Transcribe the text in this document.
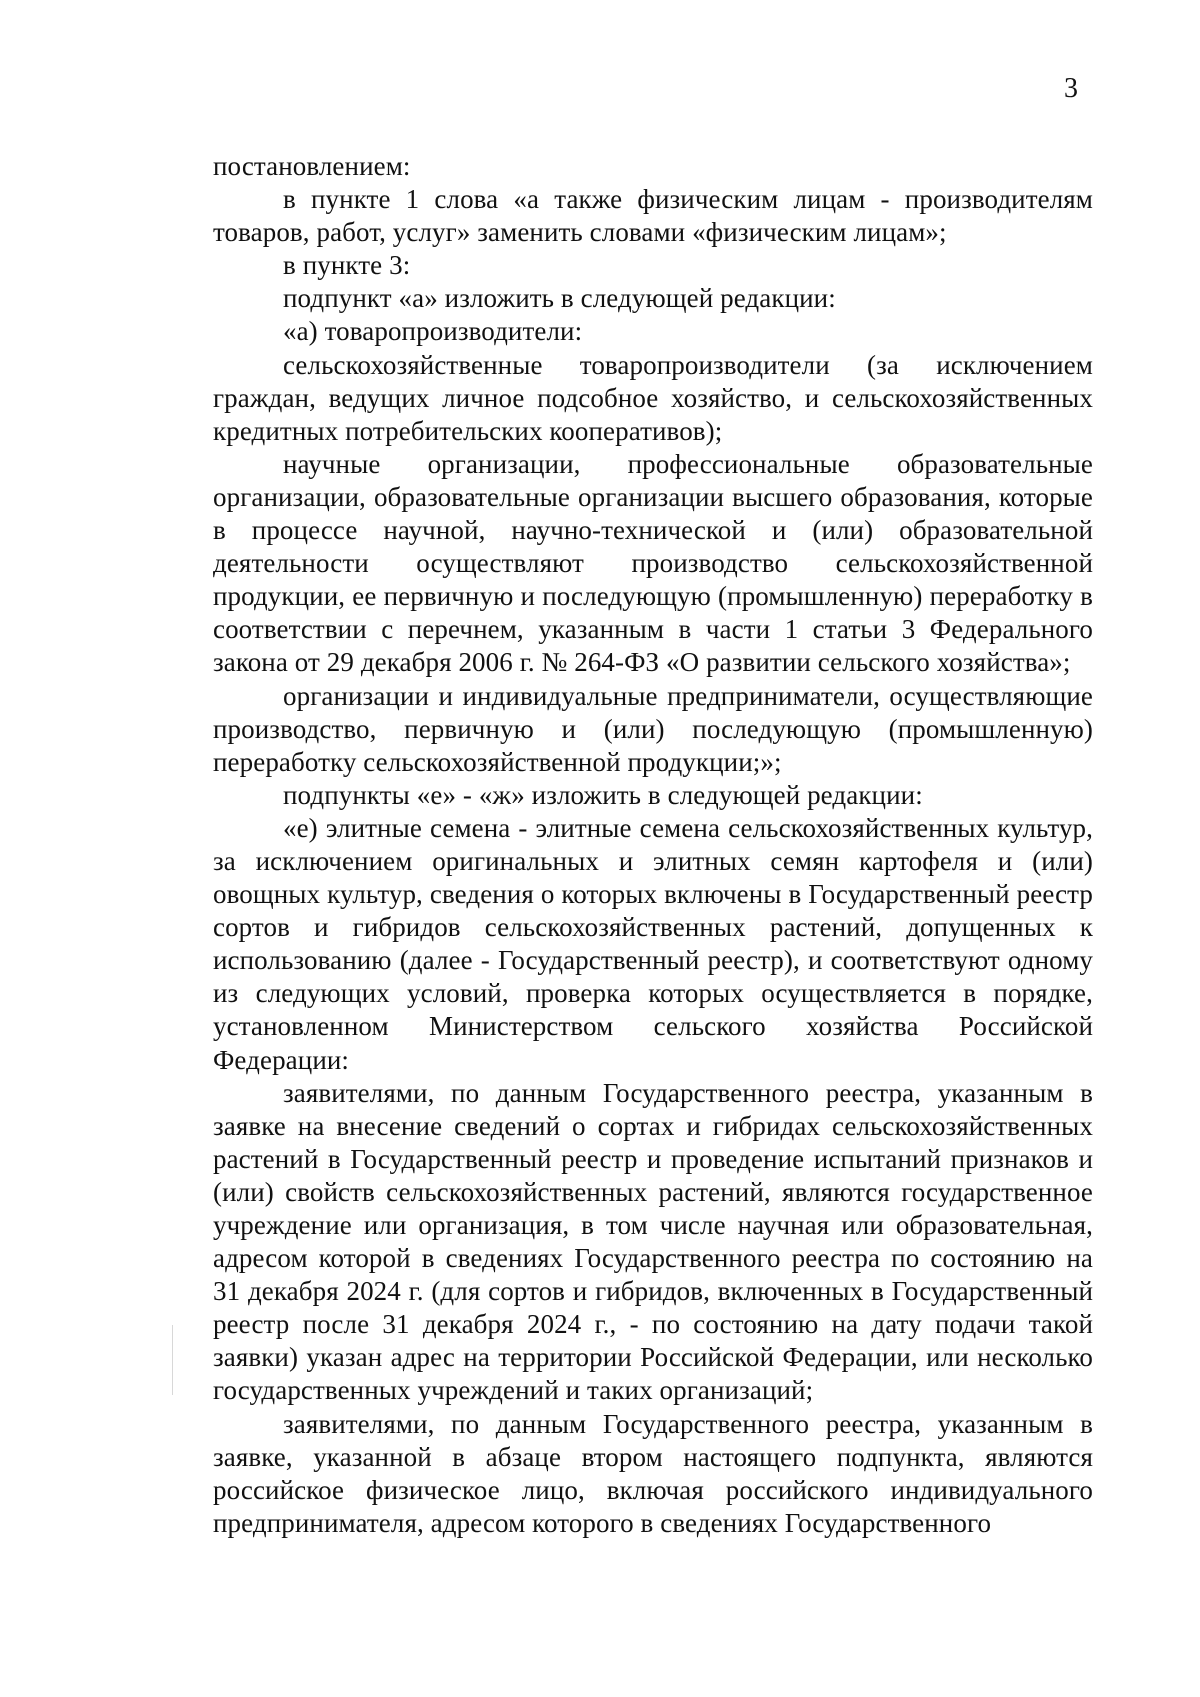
3

постановлением:

в пункте 1 слова «а также физическим лицам - производителям товаров, работ, услуг» заменить словами «физическим лицам»;

в пункте 3:

подпункт «а» изложить в следующей редакции:

«а) товаропроизводители:

сельскохозяйственные товаропроизводители (за исключением граждан, ведущих личное подсобное хозяйство, и сельскохозяйственных кредитных потребительских кооперативов);

научные организации, профессиональные образовательные организации, образовательные организации высшего образования, которые в процессе научной, научно-технической и (или) образовательной деятельности осуществляют производство сельскохозяйственной продукции, ее первичную и последующую (промышленную) переработку в соответствии с перечнем, указанным в части 1 статьи 3 Федерального закона от 29 декабря 2006 г. № 264-ФЗ «О развитии сельского хозяйства»;

организации и индивидуальные предприниматели, осуществляющие производство, первичную и (или) последующую (промышленную) переработку сельскохозяйственной продукции;»;

подпункты «е» - «ж» изложить в следующей редакции:

«е) элитные семена - элитные семена сельскохозяйственных культур, за исключением оригинальных и элитных семян картофеля и (или) овощных культур, сведения о которых включены в Государственный реестр сортов и гибридов сельскохозяйственных растений, допущенных к использованию (далее - Государственный реестр), и соответствуют одному из следующих условий, проверка которых осуществляется в порядке, установленном Министерством сельского хозяйства Российской Федерации:

заявителями, по данным Государственного реестра, указанным в заявке на внесение сведений о сортах и гибридах сельскохозяйственных растений в Государственный реестр и проведение испытаний признаков и (или) свойств сельскохозяйственных растений, являются государственное учреждение или организация, в том числе научная или образовательная, адресом которой в сведениях Государственного реестра по состоянию на 31 декабря 2024 г. (для сортов и гибридов, включенных в Государственный реестр после 31 декабря 2024 г., - по состоянию на дату подачи такой заявки) указан адрес на территории Российской Федерации, или несколько государственных учреждений и таких организаций;

заявителями, по данным Государственного реестра, указанным в заявке, указанной в абзаце втором настоящего подпункта, являются российское физическое лицо, включая российского индивидуального предпринимателя, адресом которого в сведениях Государственного
